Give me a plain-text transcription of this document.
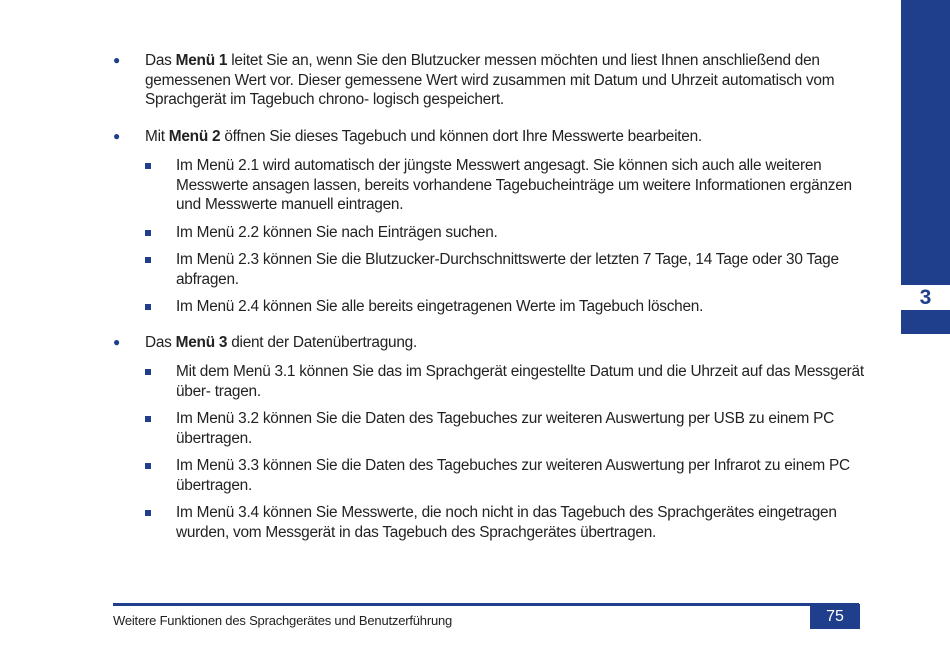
3
● Das Menü 1 leitet Sie an, wenn Sie den Blutzucker messen möchten und liest Ihnen anschließend den gemessenen Wert vor. Dieser gemessene Wert wird zusammen mit Datum und Uhrzeit automatisch vom Sprachgerät im Tagebuch chrono- logisch gespeichert.
● Mit Menü 2 öffnen Sie dieses Tagebuch und können dort Ihre Messwerte bearbeiten.
Im Menü 2.1 wird automatisch der jüngste Messwert angesagt. Sie können sich auch alle weiteren Messwerte ansagen lassen, bereits vorhandene Tagebucheinträge um weitere Informationen ergänzen und Messwerte manuell eintragen.
Im Menü 2.2 können Sie nach Einträgen suchen.
Im Menü 2.3 können Sie die Blutzucker-Durchschnittswerte der letzten 7 Tage, 14 Tage oder 30 Tage abfragen.
Im Menü 2.4 können Sie alle bereits eingetragenen Werte im Tagebuch löschen.
● Das Menü 3 dient der Datenübertragung.
Mit dem Menü 3.1 können Sie das im Sprachgerät eingestellte Datum und die Uhrzeit auf das Messgerät über- tragen.
Im Menü 3.2 können Sie die Daten des Tagebuches zur weiteren Auswertung per USB zu einem PC übertragen.
Im Menü 3.3 können Sie die Daten des Tagebuches zur weiteren Auswertung per Infrarot zu einem PC übertragen.
Im Menü 3.4 können Sie Messwerte, die noch nicht in das Tagebuch des Sprachgerätes eingetragen wurden, vom Messgerät in das Tagebuch des Sprachgerätes übertragen.
Weitere Funktionen des Sprachgerätes und Benutzerführung	75
